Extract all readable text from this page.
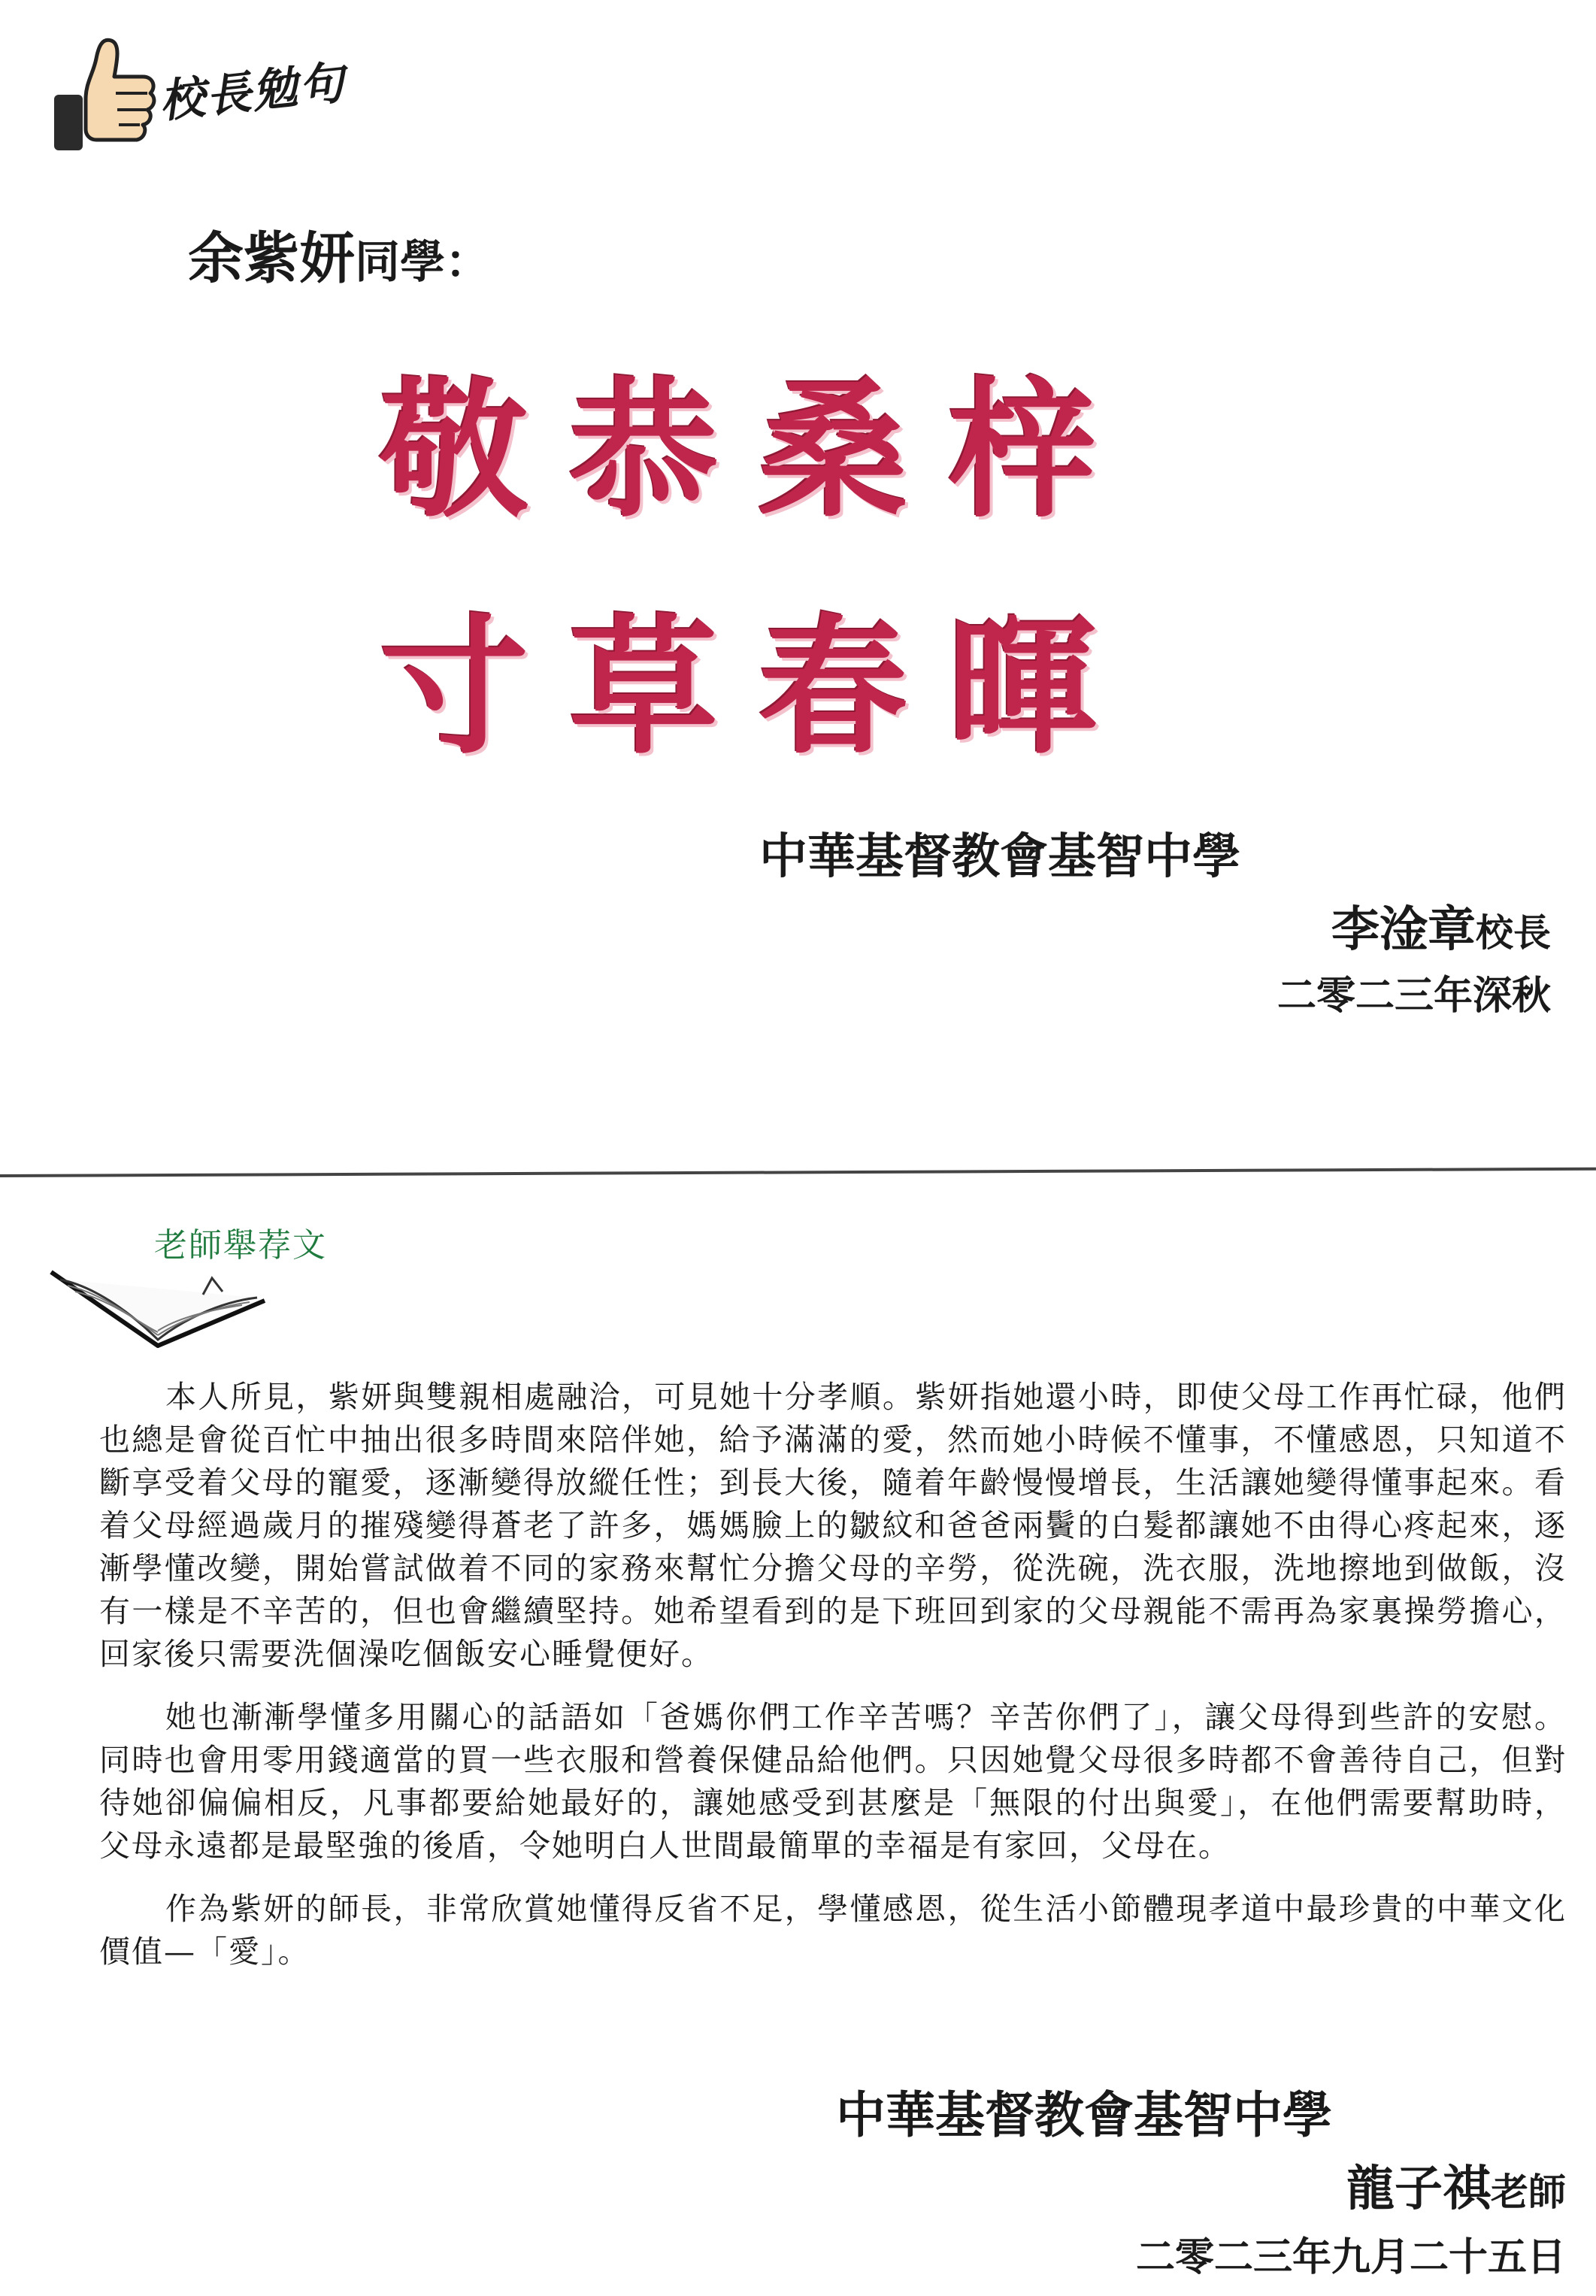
校長勉句
余紫妍同學：
敬恭桑梓
寸草春暉
中華基督教會基智中學
李淦章校長
二零二三年深秋
老師舉荐文

本人所見，紫妍與雙親相處融洽，可見她十分孝順。紫妍指她還小時，即使父母工作再忙碌，他們也總是會從百忙中抽出很多時間來陪伴她，給予滿滿的愛，然而她小時候不懂事，不懂感恩，只知道不斷享受着父母的寵愛，逐漸變得放縱任性；到長大後，隨着年齡慢慢增長，生活讓她變得懂事起來。看着父母經過歲月的摧殘變得蒼老了許多，媽媽臉上的皺紋和爸爸兩鬢的白髮都讓她不由得心疼起來，逐漸學懂改變，開始嘗試做着不同的家務來幫忙分擔父母的辛勞，從洗碗，洗衣服，洗地擦地到做飯，沒有一樣是不辛苦的，但也會繼續堅持。她希望看到的是下班回到家的父母親能不需再為家裏操勞擔心，回家後只需要洗個澡吃個飯安心睡覺便好。

她也漸漸學懂多用關心的話語如「爸媽你們工作辛苦嗎？辛苦你們了」，讓父母得到些許的安慰。同時也會用零用錢適當的買一些衣服和營養保健品給他們。只因她覺父母很多時都不會善待自己，但對待她卻偏偏相反，凡事都要給她最好的，讓她感受到甚麼是「無限的付出與愛」，在他們需要幫助時，父母永遠都是最堅強的後盾，令她明白人世間最簡單的幸福是有家回，父母在。

作為紫妍的師長，非常欣賞她懂得反省不足，學懂感恩，從生活小節體現孝道中最珍貴的中華文化價值—「愛」。

中華基督教會基智中學
龍子祺老師
二零二三年九月二十五日
